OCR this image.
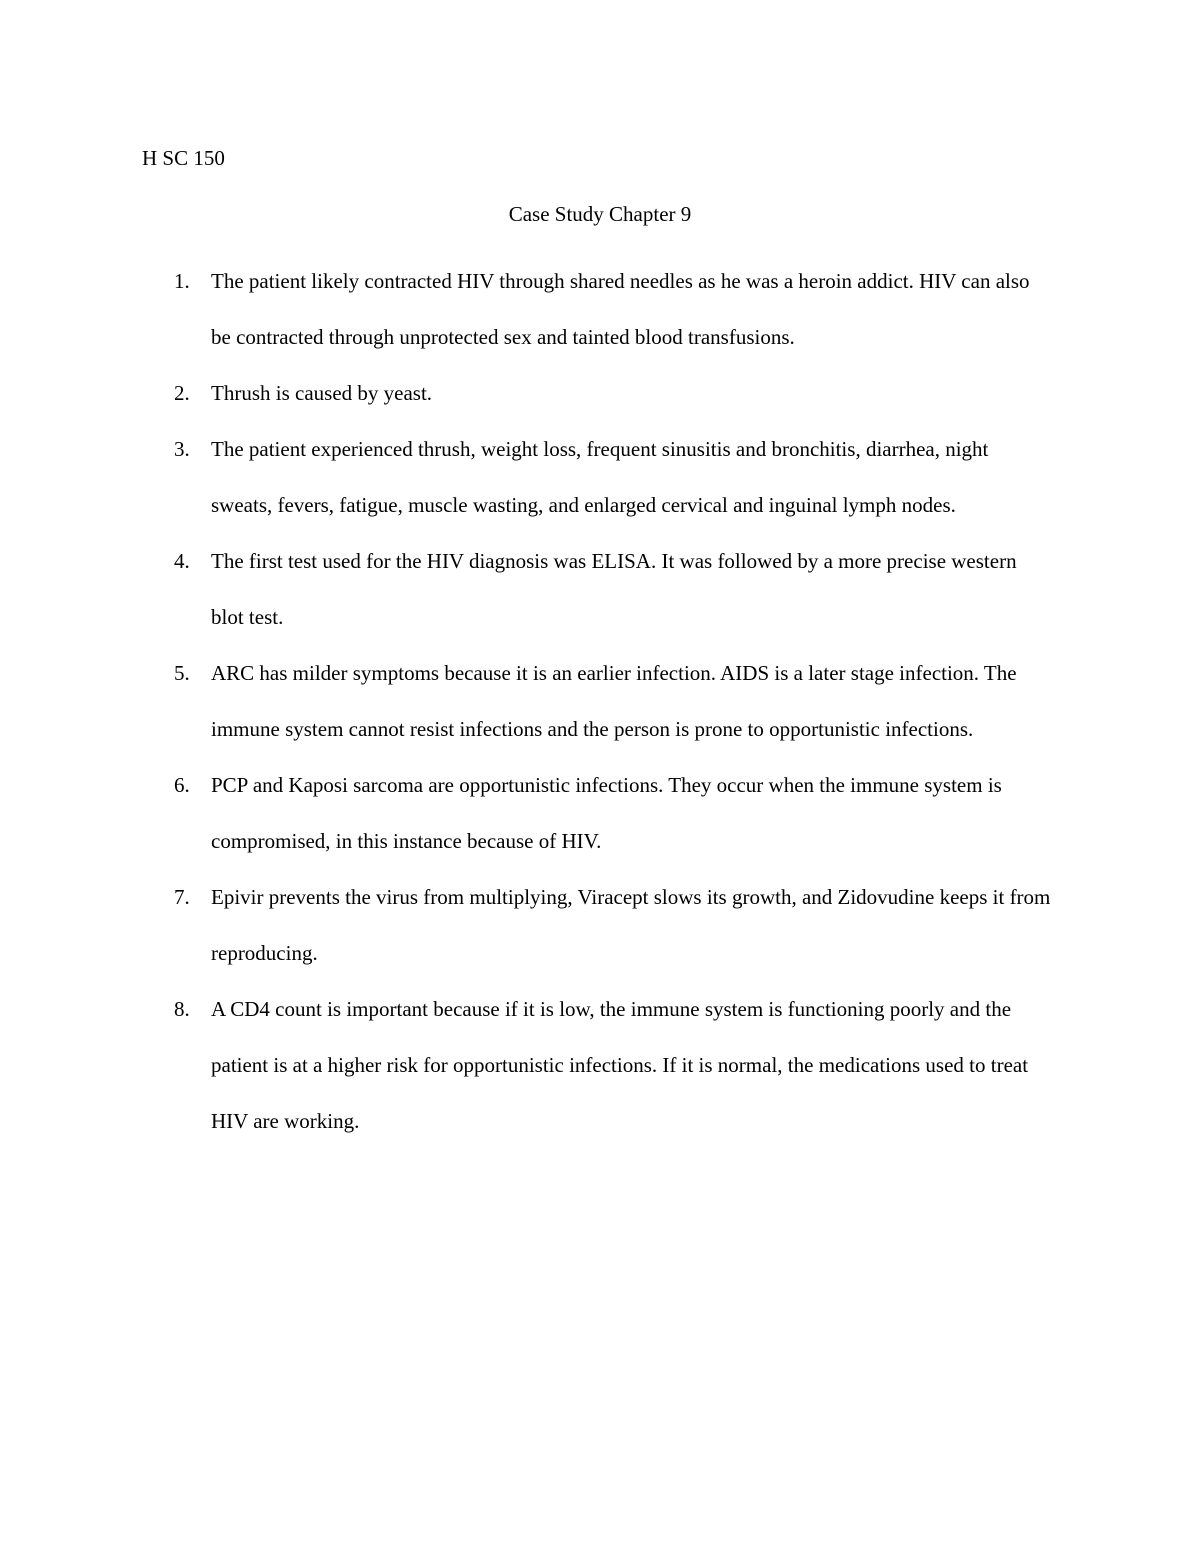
H SC 150

Case Study Chapter 9
1. The patient likely contracted HIV through shared needles as he was a heroin addict. HIV can also be contracted through unprotected sex and tainted blood transfusions.
2. Thrush is caused by yeast.
3. The patient experienced thrush, weight loss, frequent sinusitis and bronchitis, diarrhea, night sweats, fevers, fatigue, muscle wasting, and enlarged cervical and inguinal lymph nodes.
4. The first test used for the HIV diagnosis was ELISA. It was followed by a more precise western blot test.
5. ARC has milder symptoms because it is an earlier infection. AIDS is a later stage infection. The immune system cannot resist infections and the person is prone to opportunistic infections.
6. PCP and Kaposi sarcoma are opportunistic infections. They occur when the immune system is compromised, in this instance because of HIV.
7. Epivir prevents the virus from multiplying, Viracept slows its growth, and Zidovudine keeps it from reproducing.
8. A CD4 count is important because if it is low, the immune system is functioning poorly and the patient is at a higher risk for opportunistic infections. If it is normal, the medications used to treat HIV are working.
